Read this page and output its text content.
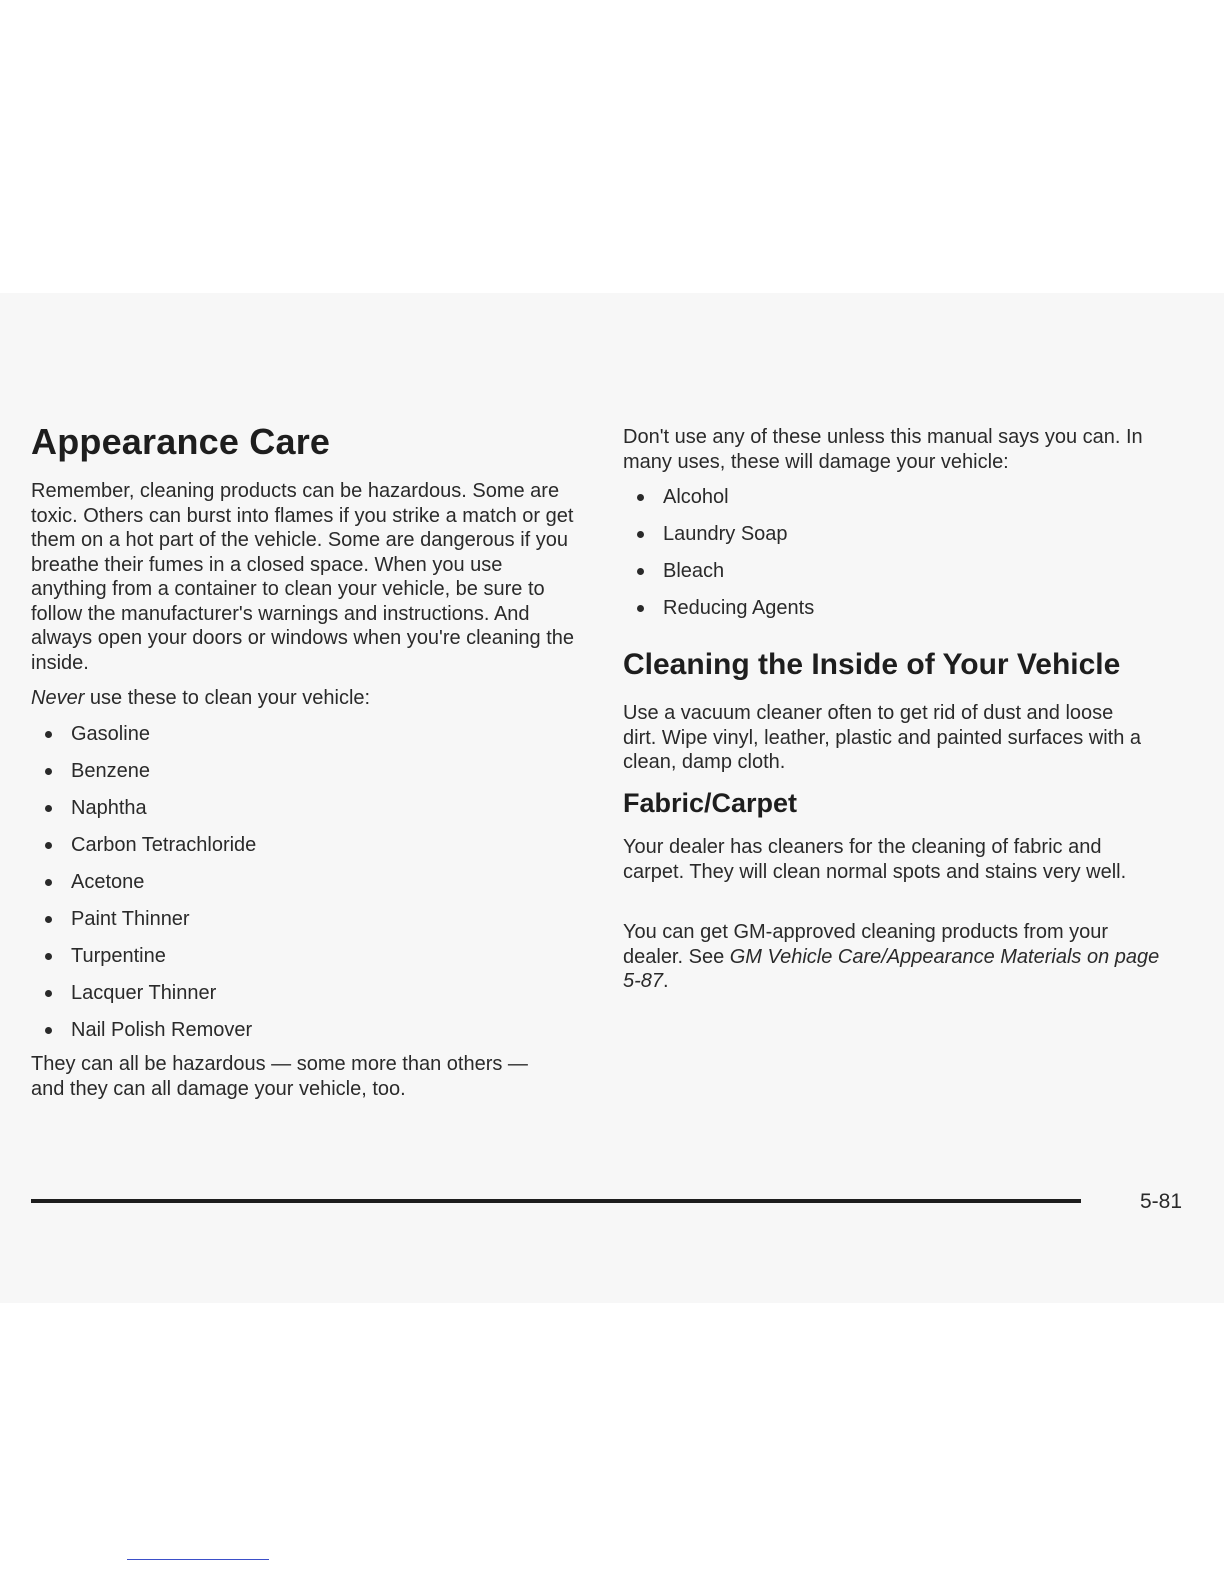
Appearance Care

Remember, cleaning products can be hazardous. Some are toxic. Others can burst into flames if you strike a match or get them on a hot part of the vehicle. Some are dangerous if you breathe their fumes in a closed space. When you use anything from a container to clean your vehicle, be sure to follow the manufacturer's warnings and instructions. And always open your doors or windows when you're cleaning the inside.

Never use these to clean your vehicle:

Gasoline
Benzene
Naphtha
Carbon Tetrachloride
Acetone
Paint Thinner
Turpentine
Lacquer Thinner
Nail Polish Remover

They can all be hazardous — some more than others — and they can all damage your vehicle, too.

Don't use any of these unless this manual says you can. In many uses, these will damage your vehicle:

Alcohol
Laundry Soap
Bleach
Reducing Agents
Cleaning the Inside of Your Vehicle

Use a vacuum cleaner often to get rid of dust and loose dirt. Wipe vinyl, leather, plastic and painted surfaces with a clean, damp cloth.

Fabric/Carpet

Your dealer has cleaners for the cleaning of fabric and carpet. They will clean normal spots and stains very well.

You can get GM-approved cleaning products from your dealer. See GM Vehicle Care/Appearance Materials on page 5-87.

5-81
